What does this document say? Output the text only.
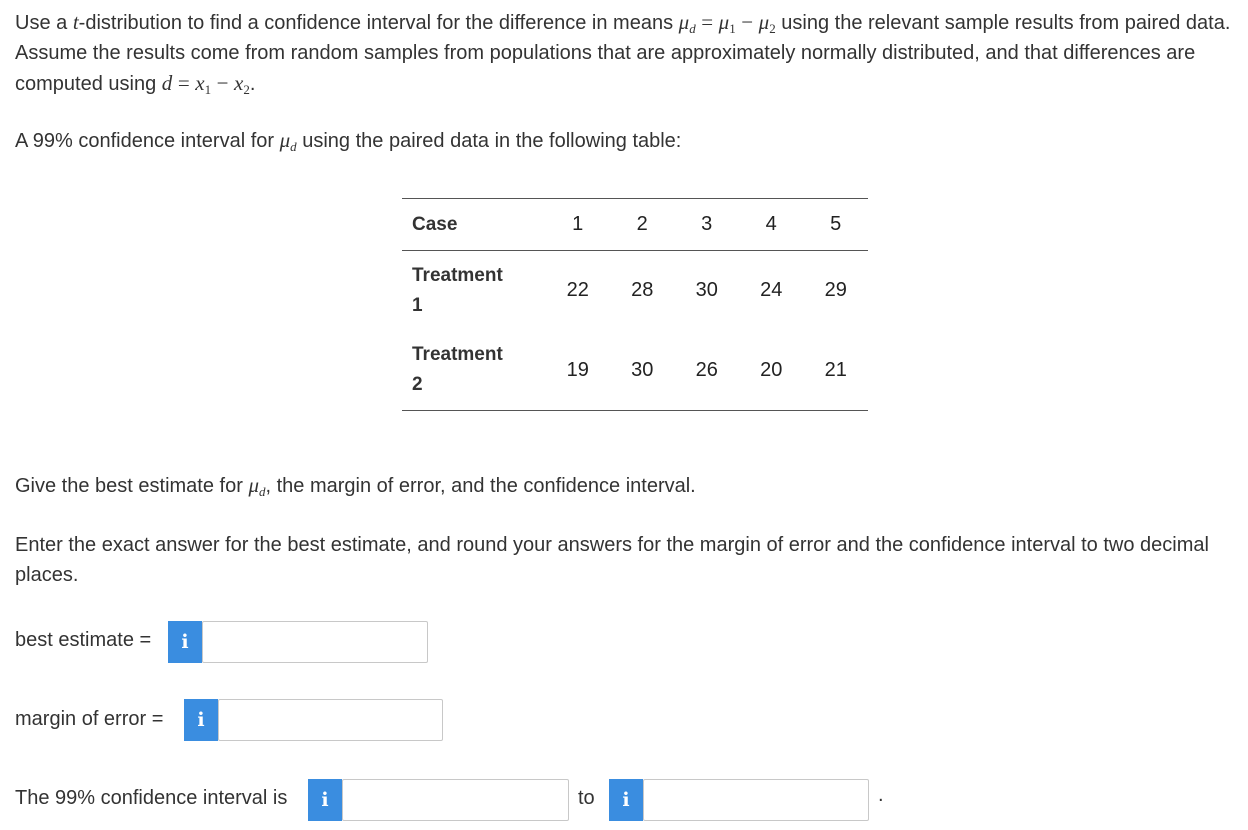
Use a t-distribution to find a confidence interval for the difference in means $\mu_d = \mu_1 - \mu_2$ using the relevant sample results from paired data. Assume the results come from random samples from populations that are approximately normally distributed, and that differences are computed using $d = x_1 - x_2$.

A 99% confidence interval for $\mu_d$ using the paired data in the following table:

Case	1	2	3	4	5
Treatment
1	22	28	30	24	29
Treatment
2	19	30	26	20	21

Give the best estimate for $\mu_d$, the margin of error, and the confidence interval.

Enter the exact answer for the best estimate, and round your answers for the margin of error and the confidence interval to two decimal places.

best estimate =	i
margin of error =	i
The 99% confidence interval is	i	to	i	.
